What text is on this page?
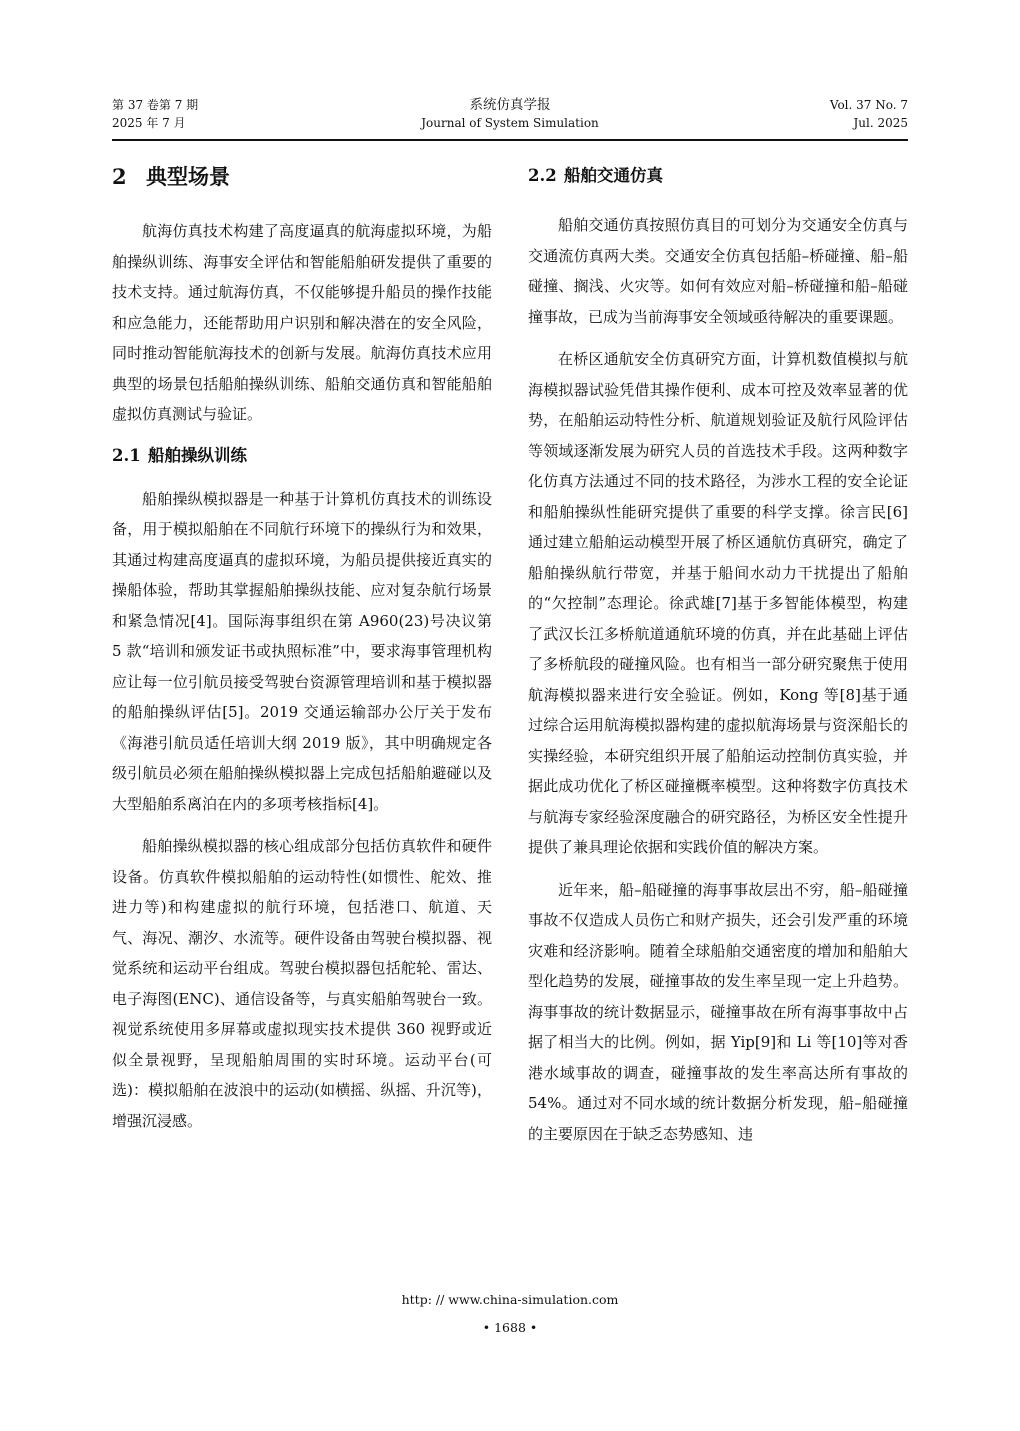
第 37 卷第 7 期
2025 年 7 月
系统仿真学报
Journal of System Simulation
Vol. 37 No. 7
Jul. 2025
2 典型场景

航海仿真技术构建了高度逼真的航海虚拟环境，为船舶操纵训练、海事安全评估和智能船舶研发提供了重要的技术支持。通过航海仿真，不仅能够提升船员的操作技能和应急能力，还能帮助用户识别和解决潜在的安全风险，同时推动智能航海技术的创新与发展。航海仿真技术应用典型的场景包括船舶操纵训练、船舶交通仿真和智能船舶虚拟仿真测试与验证。

2.1 船舶操纵训练

船舶操纵模拟器是一种基于计算机仿真技术的训练设备，用于模拟船舶在不同航行环境下的操纵行为和效果，其通过构建高度逼真的虚拟环境，为船员提供接近真实的操船体验，帮助其掌握船舶操纵技能、应对复杂航行场景和紧急情况[4]。国际海事组织在第 A960(23)号决议第 5 款“培训和颁发证书或执照标准”中，要求海事管理机构应让每一位引航员接受驾驶台资源管理培训和基于模拟器的船舶操纵评估[5]。2019 交通运输部办公厅关于发布《海港引航员适任培训大纲 2019 版》，其中明确规定各级引航员必须在船舶操纵模拟器上完成包括船舶避碰以及大型船舶系离泊在内的多项考核指标[4]。

船舶操纵模拟器的核心组成部分包括仿真软件和硬件设备。仿真软件模拟船舶的运动特性(如惯性、舵效、推进力等)和构建虚拟的航行环境，包括港口、航道、天气、海况、潮汐、水流等。硬件设备由驾驶台模拟器、视觉系统和运动平台组成。驾驶台模拟器包括舵轮、雷达、电子海图(ENC)、通信设备等，与真实船舶驾驶台一致。视觉系统使用多屏幕或虚拟现实技术提供 360 视野或近似全景视野，呈现船舶周围的实时环境。运动平台(可选)：模拟船舶在波浪中的运动(如横摇、纵摇、升沉等)，增强沉浸感。

2.2 船舶交通仿真

船舶交通仿真按照仿真目的可划分为交通安全仿真与交通流仿真两大类。交通安全仿真包括船–桥碰撞、船–船碰撞、搁浅、火灾等。如何有效应对船–桥碰撞和船–船碰撞事故，已成为当前海事安全领域亟待解决的重要课题。

在桥区通航安全仿真研究方面，计算机数值模拟与航海模拟器试验凭借其操作便利、成本可控及效率显著的优势，在船舶运动特性分析、航道规划验证及航行风险评估等领域逐渐发展为研究人员的首选技术手段。这两种数字化仿真方法通过不同的技术路径，为涉水工程的安全论证和船舶操纵性能研究提供了重要的科学支撑。徐言民[6]通过建立船舶运动模型开展了桥区通航仿真研究，确定了船舶操纵航行带宽，并基于船间水动力干扰提出了船舶的“欠控制”态理论。徐武雄[7]基于多智能体模型，构建了武汉长江多桥航道通航环境的仿真，并在此基础上评估了多桥航段的碰撞风险。也有相当一部分研究聚焦于使用航海模拟器来进行安全验证。例如，Kong 等[8]基于通过综合运用航海模拟器构建的虚拟航海场景与资深船长的实操经验，本研究组织开展了船舶运动控制仿真实验，并据此成功优化了桥区碰撞概率模型。这种将数字仿真技术与航海专家经验深度融合的研究路径，为桥区安全性提升提供了兼具理论依据和实践价值的解决方案。

近年来，船–船碰撞的海事事故层出不穷，船–船碰撞事故不仅造成人员伤亡和财产损失，还会引发严重的环境灾难和经济影响。随着全球船舶交通密度的增加和船舶大型化趋势的发展，碰撞事故的发生率呈现一定上升趋势。海事事故的统计数据显示，碰撞事故在所有海事事故中占据了相当大的比例。例如，据 Yip[9]和 Li 等[10]等对香港水域事故的调查，碰撞事故的发生率高达所有事故的 54%。通过对不同水域的统计数据分析发现，船–船碰撞的主要原因在于缺乏态势感知、违

http: // www.china-simulation.com
• 1688 •
